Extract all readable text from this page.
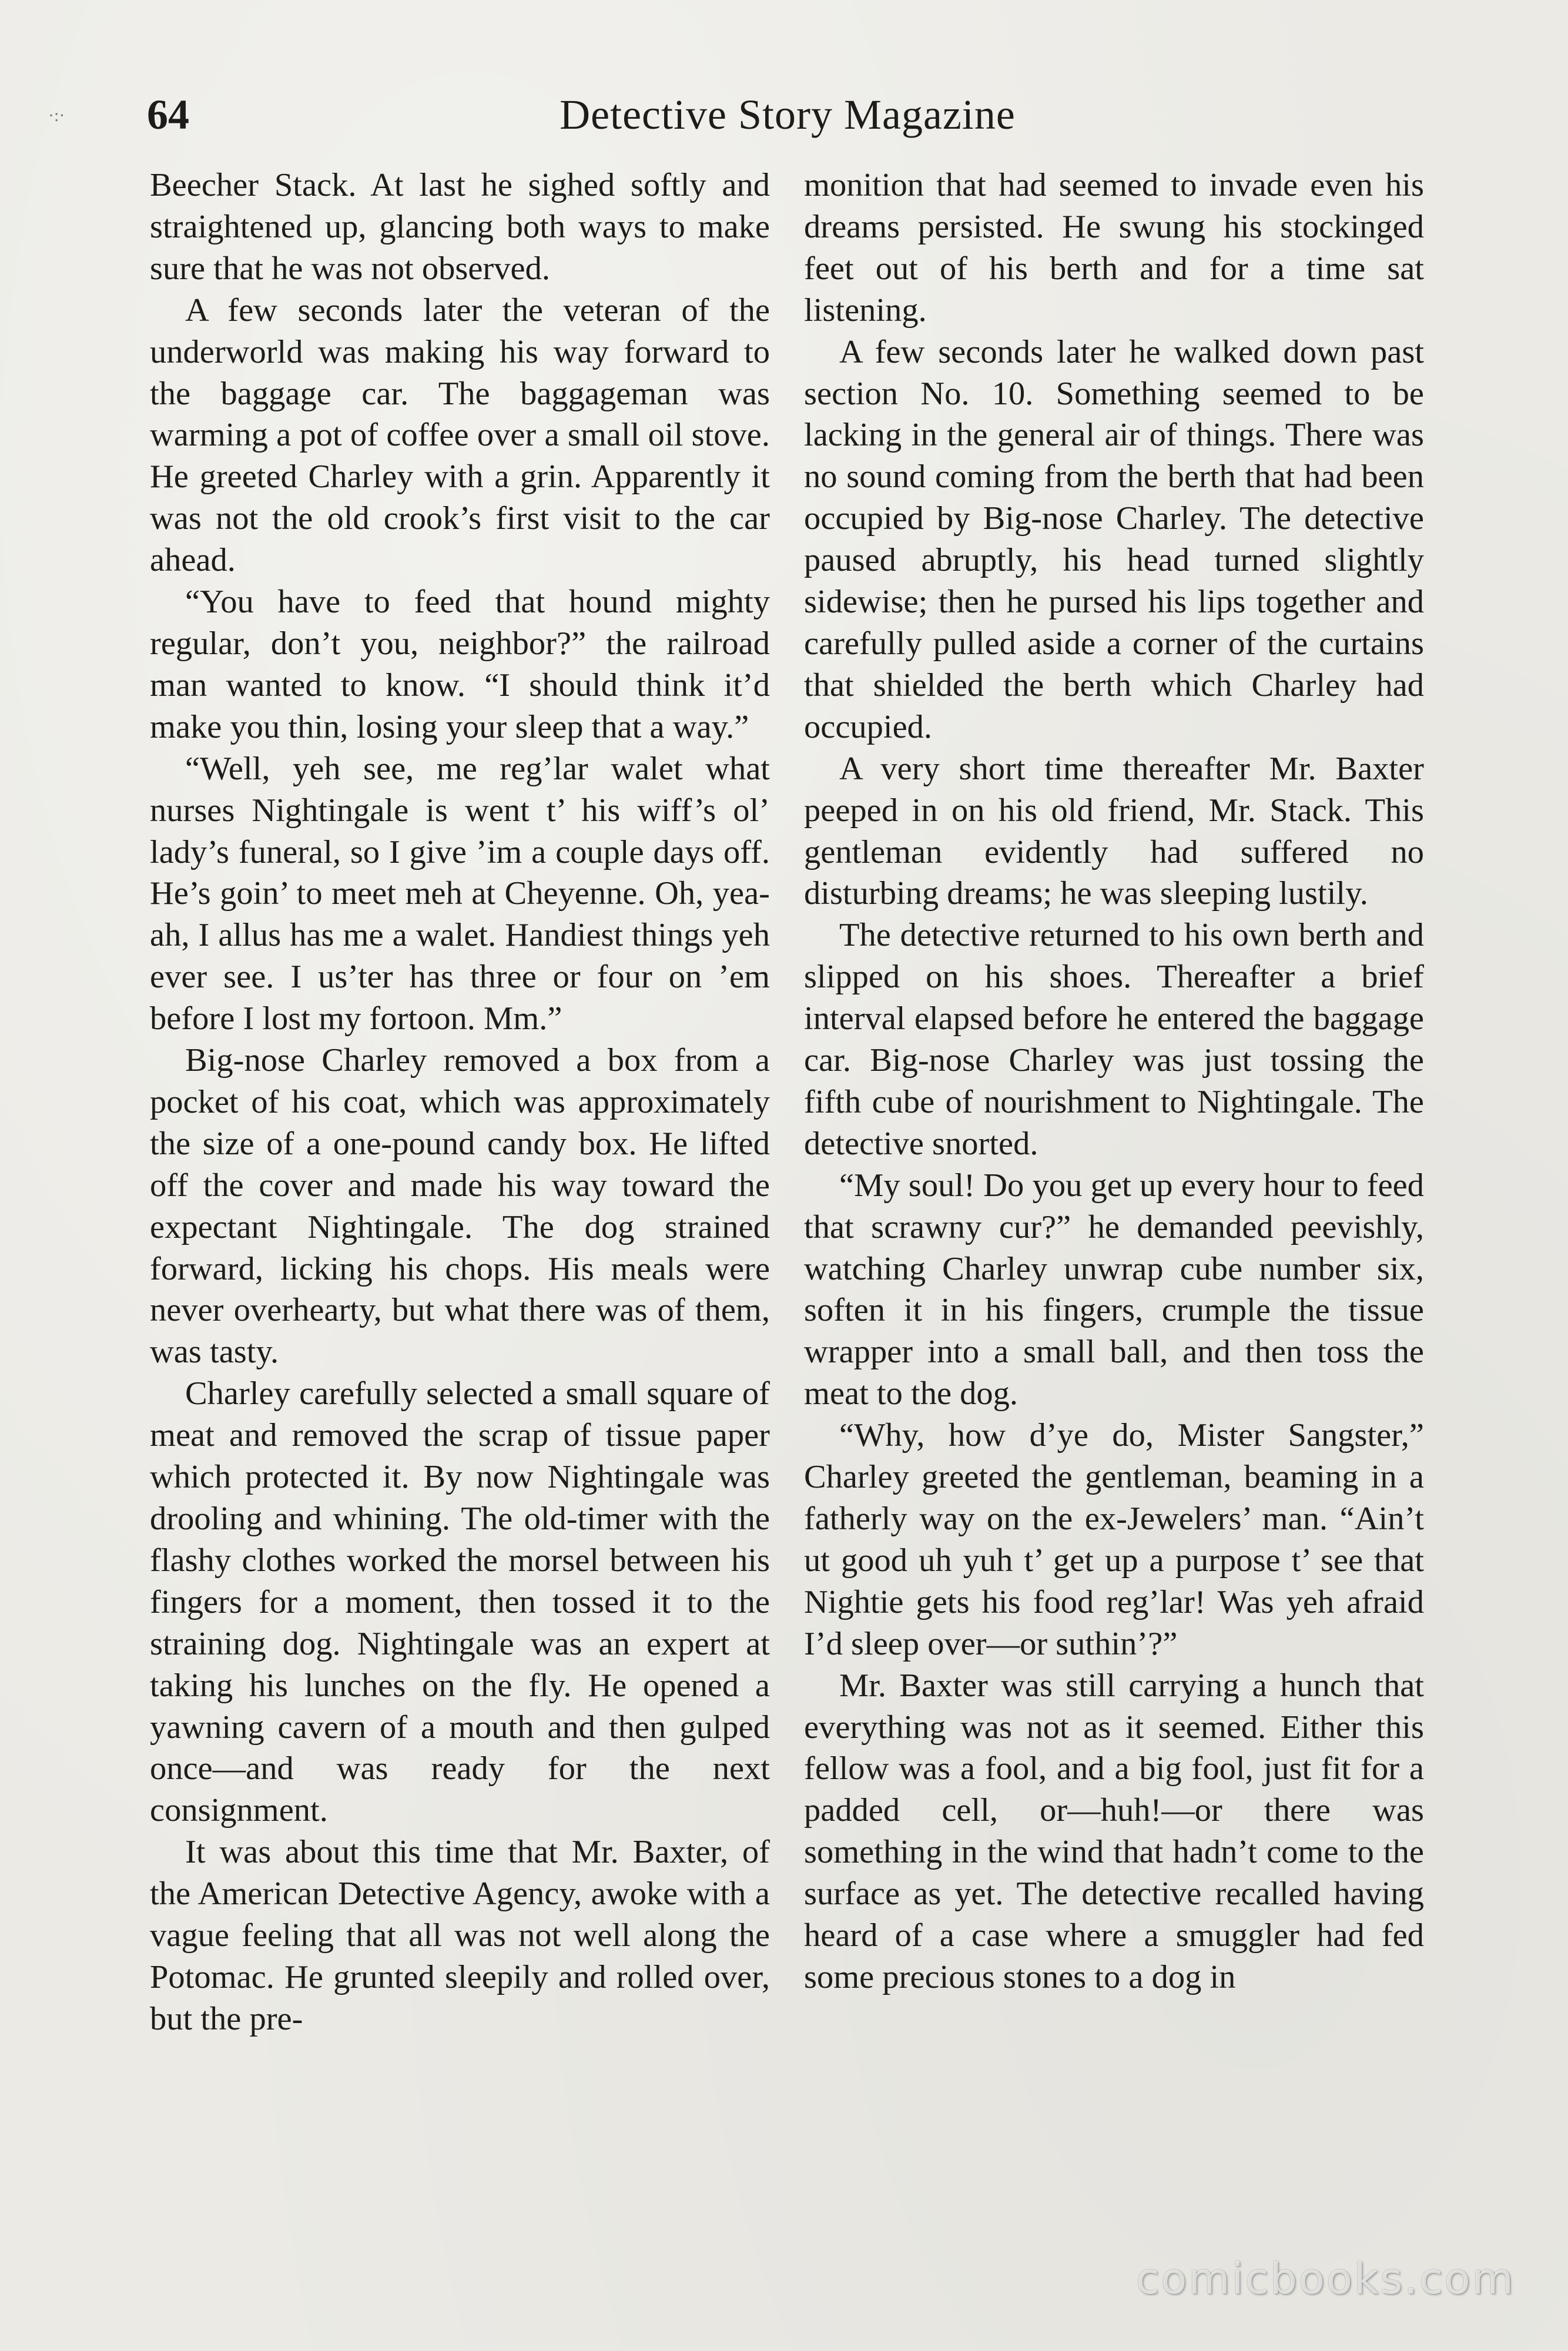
·:· 64	Detective Story Magazine

Beecher Stack. At last he sighed softly and straightened up, glancing both ways to make sure that he was not observed.

A few seconds later the veteran of the underworld was making his way forward to the baggage car. The baggageman was warming a pot of coffee over a small oil stove. He greeted Charley with a grin. Apparently it was not the old crook’s first visit to the car ahead.

“You have to feed that hound mighty regular, don’t you, neighbor?” the railroad man wanted to know. “I should think it’d make you thin, losing your sleep that a way.”

“Well, yeh see, me reg’lar walet what nurses Nightingale is went t’ his wiff’s ol’ lady’s funeral, so I give ’im a couple days off. He’s goin’ to meet meh at Cheyenne. Oh, yea-ah, I allus has me a walet. Handiest things yeh ever see. I us’ter has three or four on ’em before I lost my fortoon. Mm.”

Big-nose Charley removed a box from a pocket of his coat, which was approximately the size of a one-pound candy box. He lifted off the cover and made his way toward the expectant Nightingale. The dog strained forward, licking his chops. His meals were never overhearty, but what there was of them, was tasty.

Charley carefully selected a small square of meat and removed the scrap of tissue paper which protected it. By now Nightingale was drooling and whining. The old-timer with the flashy clothes worked the morsel between his fingers for a moment, then tossed it to the straining dog. Nightingale was an expert at taking his lunches on the fly. He opened a yawning cavern of a mouth and then gulped once—and was ready for the next consignment.

It was about this time that Mr. Baxter, of the American Detective Agency, awoke with a vague feeling that all was not well along the Potomac. He grunted sleepily and rolled over, but the pre-

monition that had seemed to invade even his dreams persisted. He swung his stockinged feet out of his berth and for a time sat listening.

A few seconds later he walked down past section No. 10. Something seemed to be lacking in the general air of things. There was no sound coming from the berth that had been occupied by Big-nose Charley. The detective paused abruptly, his head turned slightly sidewise; then he pursed his lips together and carefully pulled aside a corner of the curtains that shielded the berth which Charley had occupied.

A very short time thereafter Mr. Baxter peeped in on his old friend, Mr. Stack. This gentleman evidently had suffered no disturbing dreams; he was sleeping lustily.

The detective returned to his own berth and slipped on his shoes. Thereafter a brief interval elapsed before he entered the baggage car. Big-nose Charley was just tossing the fifth cube of nourishment to Nightingale. The detective snorted.

“My soul! Do you get up every hour to feed that scrawny cur?” he demanded peevishly, watching Charley unwrap cube number six, soften it in his fingers, crumple the tissue wrapper into a small ball, and then toss the meat to the dog.

“Why, how d’ye do, Mister Sangster,” Charley greeted the gentleman, beaming in a fatherly way on the ex-Jewelers’ man. “Ain’t ut good uh yuh t’ get up a purpose t’ see that Nightie gets his food reg’lar! Was yeh afraid I’d sleep over—or suthin’?”

Mr. Baxter was still carrying a hunch that everything was not as it seemed. Either this fellow was a fool, and a big fool, just fit for a padded cell, or—huh!—or there was something in the wind that hadn’t come to the surface as yet. The detective recalled having heard of a case where a smuggler had fed some precious stones to a dog in

comicbooks.com
